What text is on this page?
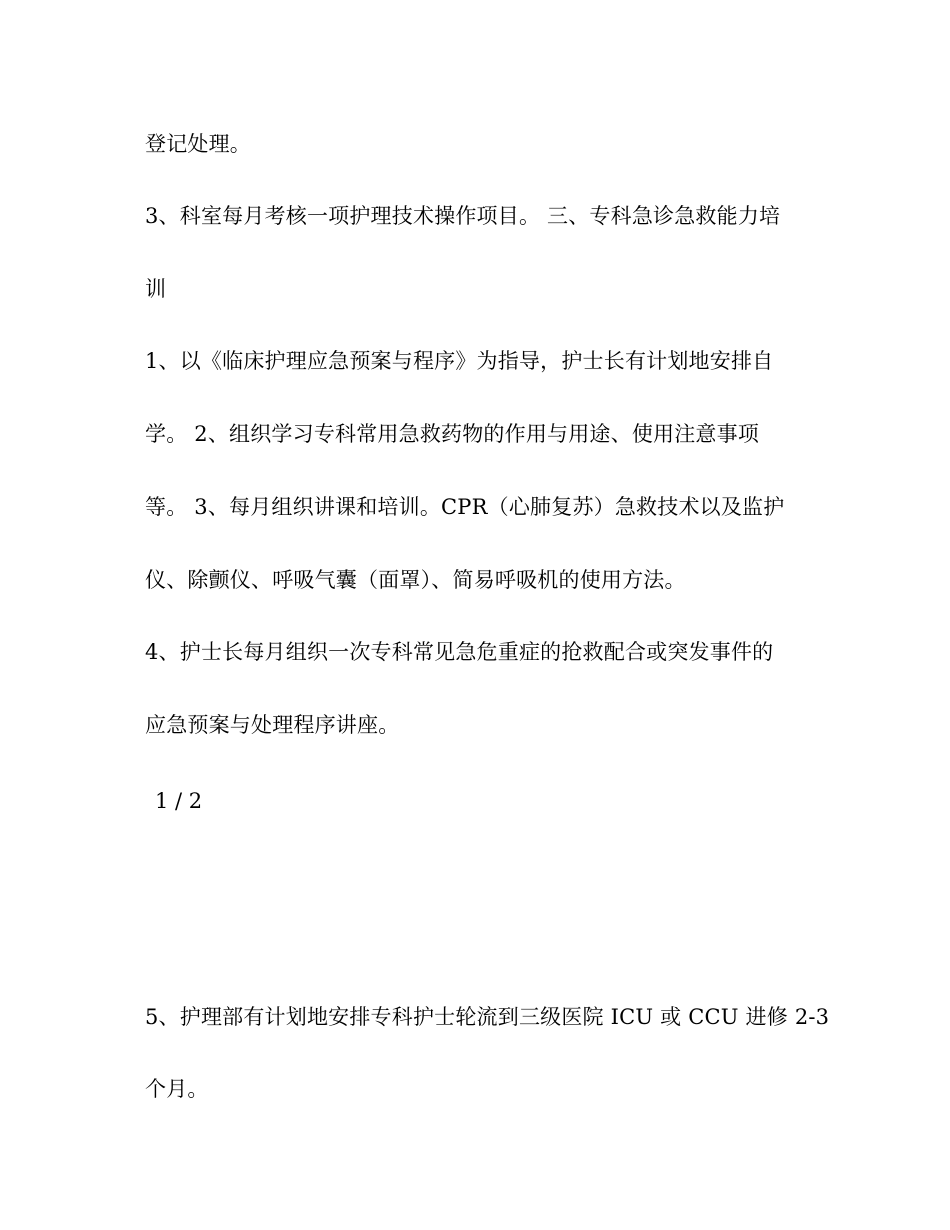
登记处理。
3、科室每月考核一项护理技术操作项目。 三、专科急诊急救能力培
训
1、以《临床护理应急预案与程序》为指导，护士长有计划地安排自
学。 2、组织学习专科常用急救药物的作用与用途、使用注意事项
等。 3、每月组织讲课和培训。CPR（心肺复苏）急救技术以及监护
仪、除颤仪、呼吸气囊（面罩）、简易呼吸机的使用方法。
4、护士长每月组织一次专科常见急危重症的抢救配合或突发事件的
应急预案与处理程序讲座。
1 / 2
5、护理部有计划地安排专科护士轮流到三级医院 ICU 或 CCU 进修 2-3
个月。
